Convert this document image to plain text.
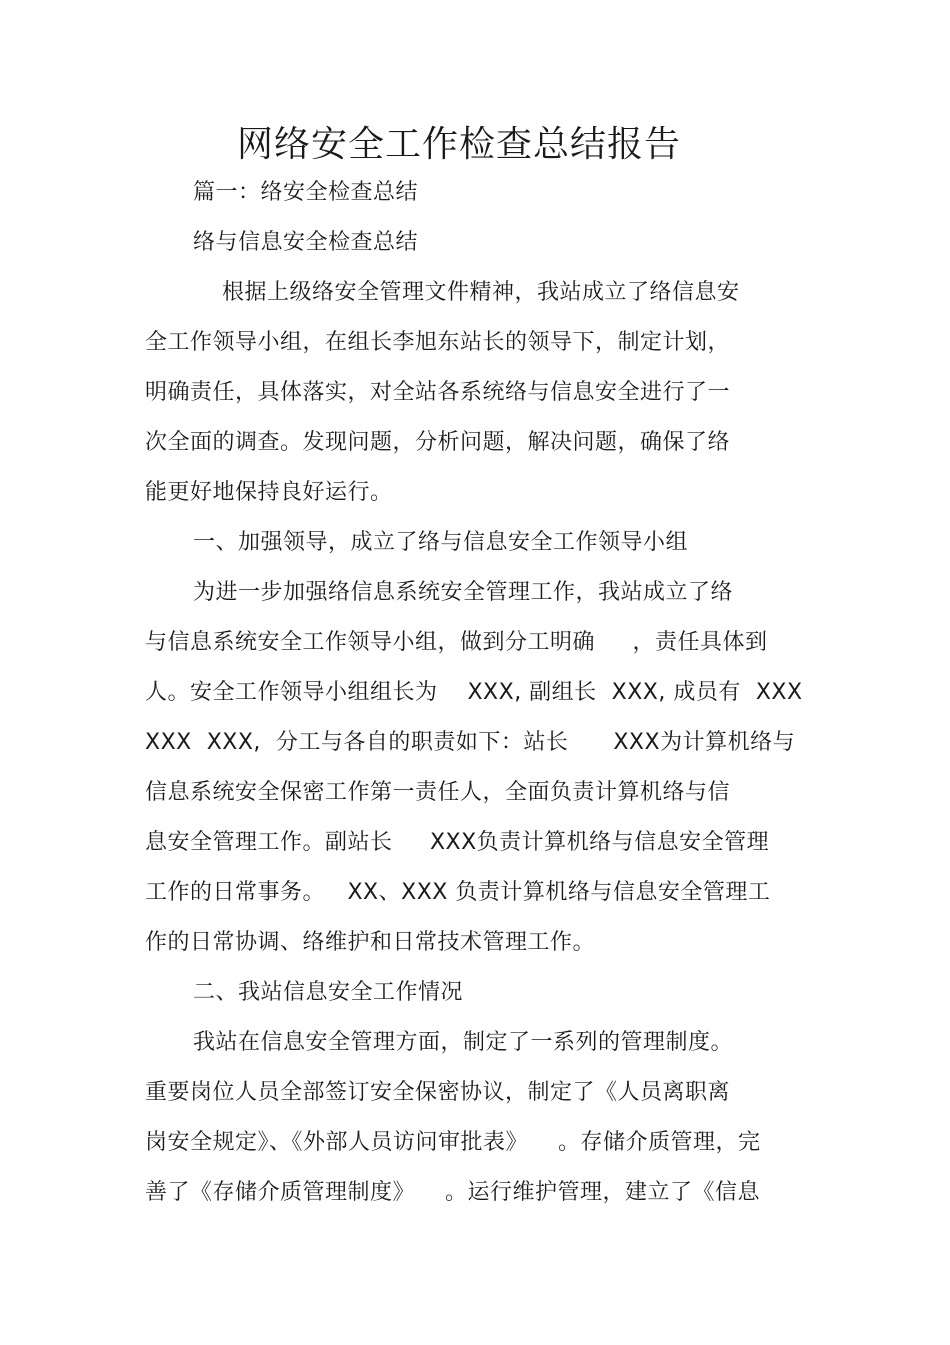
网络安全工作检查总结报告
篇一：络安全检查总结
络与信息安全检查总结
根据上级络安全管理文件精神，我站成立了络信息安
全工作领导小组，在组长李旭东站长的领导下，制定计划，
明确责任，具体落实，对全站各系统络与信息安全进行了一
次全面的调查。发现问题，分析问题，解决问题，确保了络
能更好地保持良好运行。
一、加强领导，成立了络与信息安全工作领导小组
为进一步加强络信息系统安全管理工作，我站成立了络
与信息系统安全工作领导小组，做到分工明确     ，责任具体到
人。安全工作领导小组组长为    XXX, 副组长  XXX, 成员有  XXX
XXX  XXX,  分工与各自的职责如下：站长      XXX为计算机络与
信息系统安全保密工作第一责任人，全面负责计算机络与信
息安全管理工作。副站长     XXX负责计算机络与信息安全管理
工作的日常事务。   XX、XXX 负责计算机络与信息安全管理工
作的日常协调、络维护和日常技术管理工作。
二、我站信息安全工作情况
我站在信息安全管理方面，制定了一系列的管理制度。
重要岗位人员全部签订安全保密协议，制定了《人员离职离
岗安全规定》、《外部人员访问审批表》    。存储介质管理，完
善了《存储介质管理制度》    。运行维护管理，建立了《信息
